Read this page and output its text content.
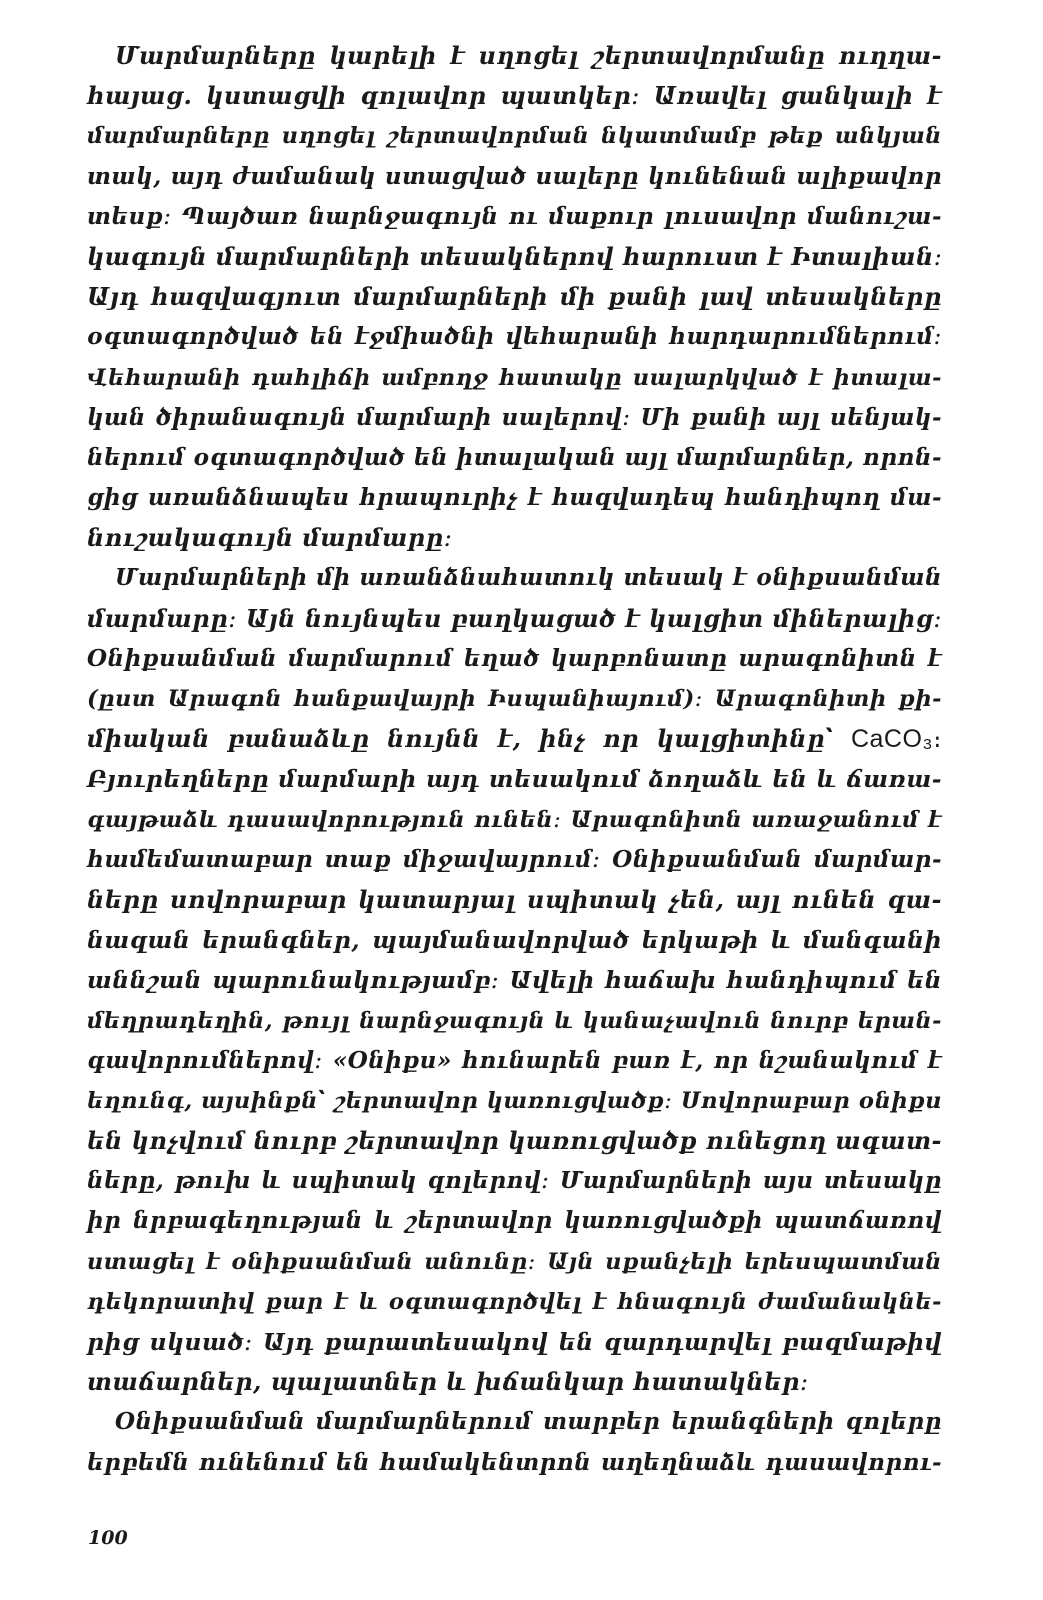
Մարմարները կարելի է սղոցել շերտավորմանը ուղղա-
հայաց. կստացվի զոլավոր պատկեր։ Առավել ցանկալի է
մարմարները սղոցել շերտավորման նկատմամբ թեք անկյան
տակ, այդ ժամանակ ստացված սալերը կունենան ալիքավոր
տեսք։ Պայծառ նարնջագույն ու մաքուր լուսավոր մանուշա-
կագույն մարմարների տեսակներով հարուստ է Իտալիան։
Այդ հազվագյուտ մարմարների մի քանի լավ տեսակները
օգտագործված են էջմիածնի վեհարանի հարդարումներում։
Վեհարանի դահլիճի ամբողջ հատակը սալարկված է իտալա-
կան ծիրանագույն մարմարի սալերով։ Մի քանի այլ սենյակ-
ներում օգտագործված են իտալական այլ մարմարներ, որոն-
ցից առանձնապես հրապուրիչ է հազվադեպ հանդիպող մա-
նուշակագույն մարմարը։
Մարմարների մի առանձնահատուկ տեսակ է օնիքսանման
մարմարը։ Այն նույնպես բաղկացած է կալցիտ միներալից։
Օնիքսանման մարմարում եղած կարբոնատը արագոնիտն է
(ըստ Արագոն հանքավայրի Իսպանիայում)։ Արագոնիտի քի-
միական բանաձևը նույնն է, ինչ որ կալցիտինը՝ CaCO₃։
Բյուրեղները մարմարի այդ տեսակում ձողաձև են և ճառա-
գայթաձև դասավորություն ունեն։ Արագոնիտն առաջանում է
համեմատաբար տաք միջավայրում։ Օնիքսանման մարմար-
ները սովորաբար կատարյալ սպիտակ չեն, այլ ունեն զա-
նազան երանգներ, պայմանավորված երկաթի և մանգանի
աննշան պարունակությամբ։ Ավելի հաճախ հանդիպում են
մեղրադեղին, թույլ նարնջագույն և կանաչավուն նուրբ երան-
գավորումներով։ «Օնիքս» հունարեն բառ է, որ նշանակում է
եղունգ, այսինքն՝ շերտավոր կառուցվածք։ Սովորաբար օնիքս
են կոչվում նուրբ շերտավոր կառուցվածք ունեցող ագատ-
ները, թուխ և սպիտակ զոլերով։ Մարմարների այս տեսակը
իր նրբագեղության և շերտավոր կառուցվածքի պատճառով
ստացել է օնիքսանման անունը։ Այն սքանչելի երեսպատման
դեկորատիվ քար է և օգտագործվել է հնագույն ժամանակնե-
րից սկսած։ Այդ քարատեսակով են զարդարվել բազմաթիվ
տաճարներ, պալատներ և խճանկար հատակներ։
Օնիքսանման մարմարներում տարբեր երանգների զոլերը
երբեմն ունենում են համակենտրոն աղեղնաձև դասավորու-
100
